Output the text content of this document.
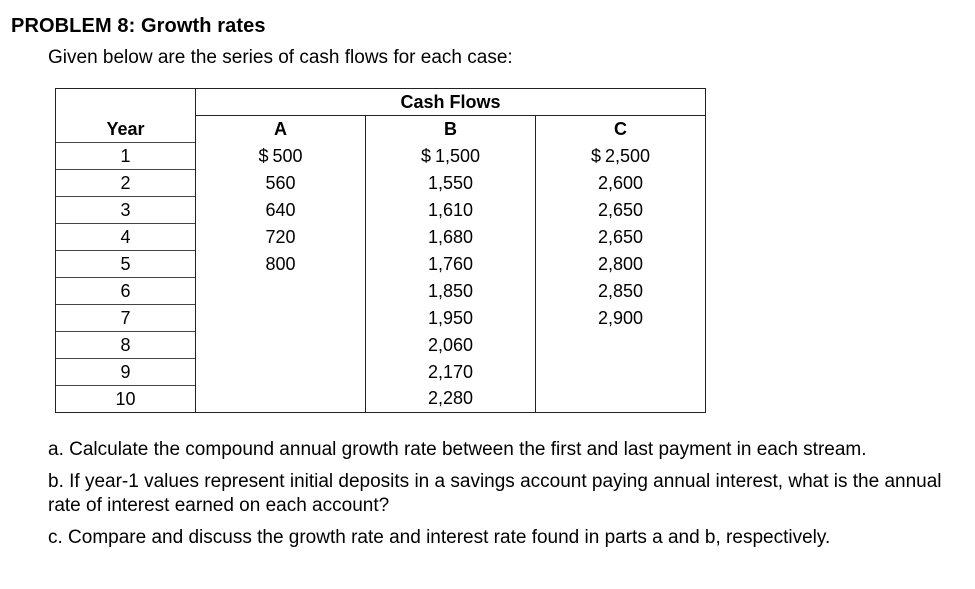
PROBLEM 8: Growth rates
Given below are the series of cash flows for each case:
	Cash Flows		
Year	A	B	C
1	$ 500	$ 1,500	$ 2,500
2	560	1,550	2,600
3	640	1,610	2,650
4	720	1,680	2,650
5	800	1,760	2,800
6		1,850	2,850
7		1,950	2,900
8		2,060	
9		2,170	
10		2,280	

a. Calculate the compound annual growth rate between the first and last payment in each stream.

b. If year-1 values represent initial deposits in a savings account paying annual interest, what is the annual rate of interest earned on each account?

c. Compare and discuss the growth rate and interest rate found in parts a and b, respectively.
